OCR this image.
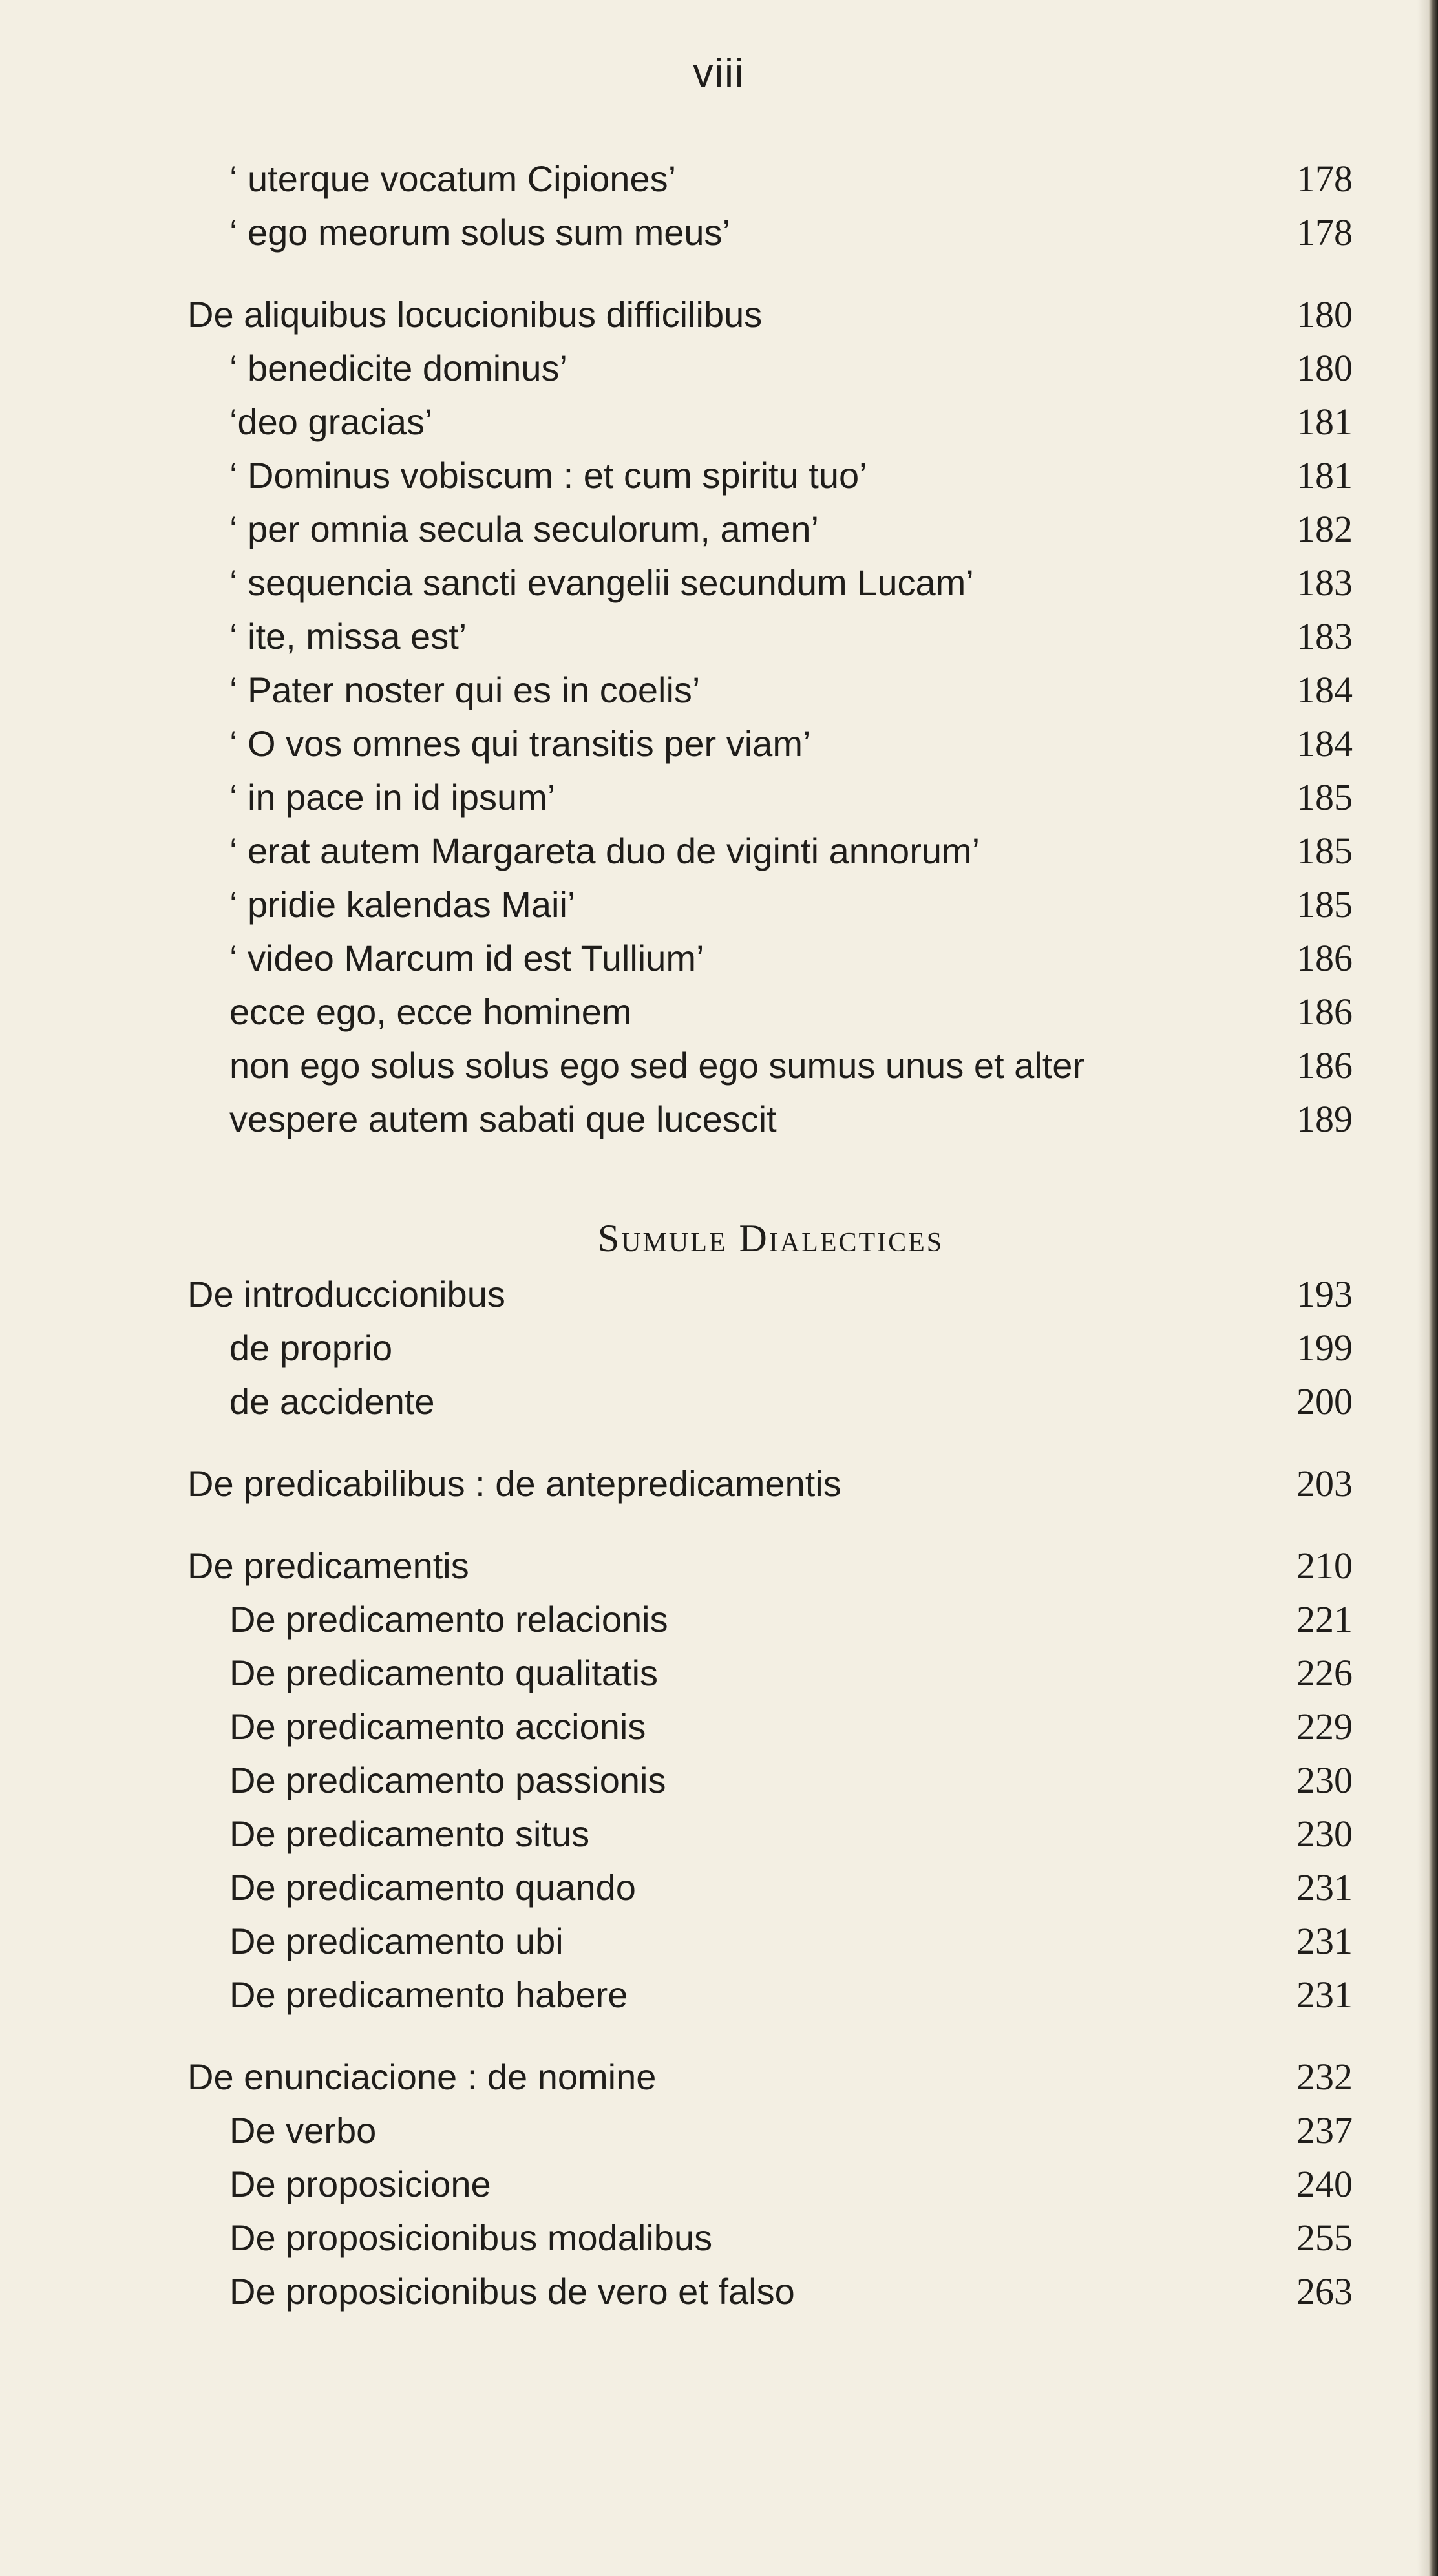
viii
‘ uterque vocatum Cipiones’	178
‘ ego meorum solus sum meus’	178
De aliquibus locucionibus difficilibus	180
‘ benedicite dominus’	180
‘deo gracias’	181
‘ Dominus vobiscum : et cum spiritu tuo’	181
‘ per omnia secula seculorum, amen’	182
‘ sequencia sancti evangelii secundum Lucam’	183
‘ ite, missa est’	183
‘ Pater noster qui es in coelis’	184
‘ O vos omnes qui transitis per viam’	184
‘ in pace in id ipsum’	185
‘ erat autem Margareta duo de viginti annorum’	185
‘ pridie kalendas Maii’	185
‘ video Marcum id est Tullium’	186
ecce ego, ecce hominem	186
non ego solus solus ego sed ego sumus unus et alter	186
vespere autem sabati que lucescit	189
Sumule Dialectices
De introduccionibus	193
de proprio	199
de accidente	200
De predicabilibus : de antepredicamentis	203
De predicamentis	210
De predicamento relacionis	221
De predicamento qualitatis	226
De predicamento accionis	229
De predicamento passionis	230
De predicamento situs	230
De predicamento quando	231
De predicamento ubi	231
De predicamento habere	231
De enunciacione : de nomine	232
De verbo	237
De proposicione	240
De proposicionibus modalibus	255
De proposicionibus de vero et falso	263
